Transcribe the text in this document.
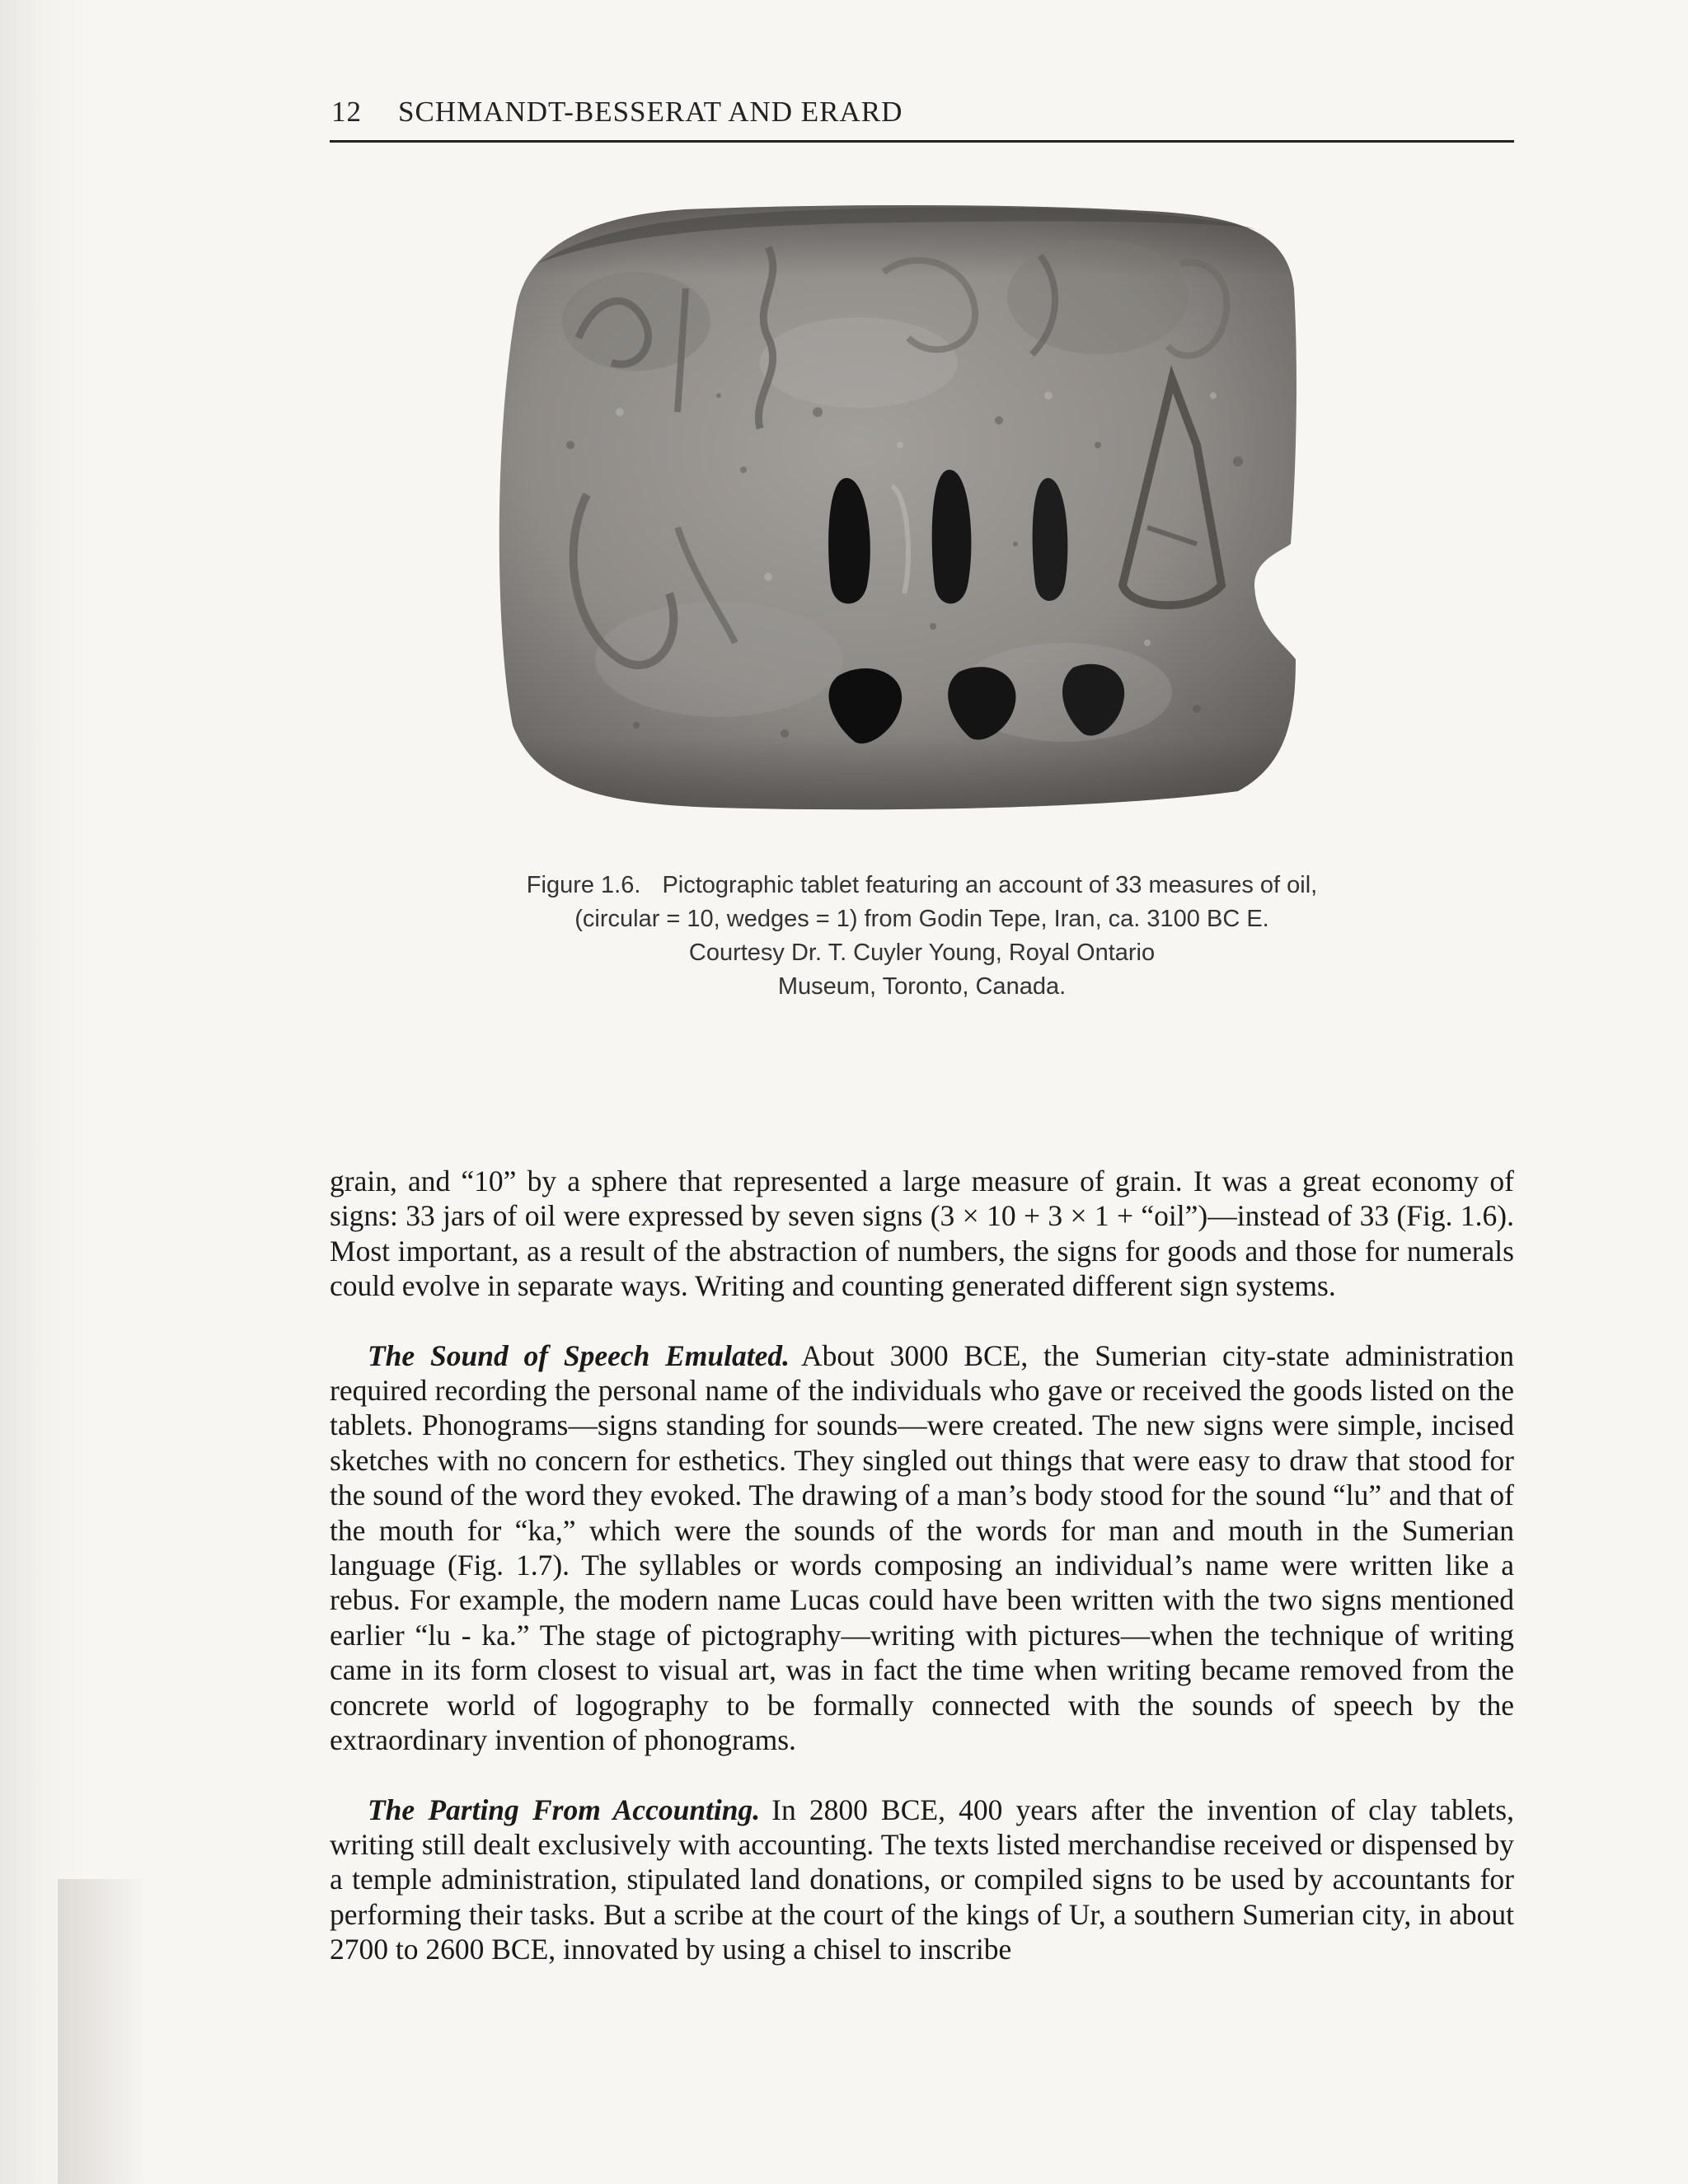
12 SCHMANDT-BESSERAT AND ERARD
Figure 1.6. Pictographic tablet featuring an account of 33 measures of oil,
(circular = 10, wedges = 1) from Godin Tepe, Iran, ca. 3100 BC E.
Courtesy Dr. T. Cuyler Young, Royal Ontario
Museum, Toronto, Canada.

grain, and “10” by a sphere that represented a large measure of grain. It was a great economy of signs: 33 jars of oil were expressed by seven signs (3 × 10 + 3 × 1 + “oil”)—instead of 33 (Fig. 1.6). Most important, as a result of the abstraction of numbers, the signs for goods and those for numerals could evolve in separate ways. Writing and counting generated different sign systems.

The Sound of Speech Emulated. About 3000 BCE, the Sumerian city-state administration required recording the personal name of the individuals who gave or received the goods listed on the tablets. Phonograms—signs standing for sounds—were created. The new signs were simple, incised sketches with no concern for esthetics. They singled out things that were easy to draw that stood for the sound of the word they evoked. The drawing of a man’s body stood for the sound “lu” and that of the mouth for “ka,” which were the sounds of the words for man and mouth in the Sumerian language (Fig. 1.7). The syllables or words composing an individual’s name were written like a rebus. For example, the modern name Lucas could have been written with the two signs mentioned earlier “lu - ka.” The stage of pictography—writing with pictures—when the technique of writing came in its form closest to visual art, was in fact the time when writing became removed from the concrete world of logography to be formally connected with the sounds of speech by the extraordinary invention of phonograms.

The Parting From Accounting. In 2800 BCE, 400 years after the invention of clay tablets, writing still dealt exclusively with accounting. The texts listed merchandise received or dispensed by a temple administration, stipulated land donations, or compiled signs to be used by accountants for performing their tasks. But a scribe at the court of the kings of Ur, a southern Sumerian city, in about 2700 to 2600 BCE, innovated by using a chisel to inscribe
